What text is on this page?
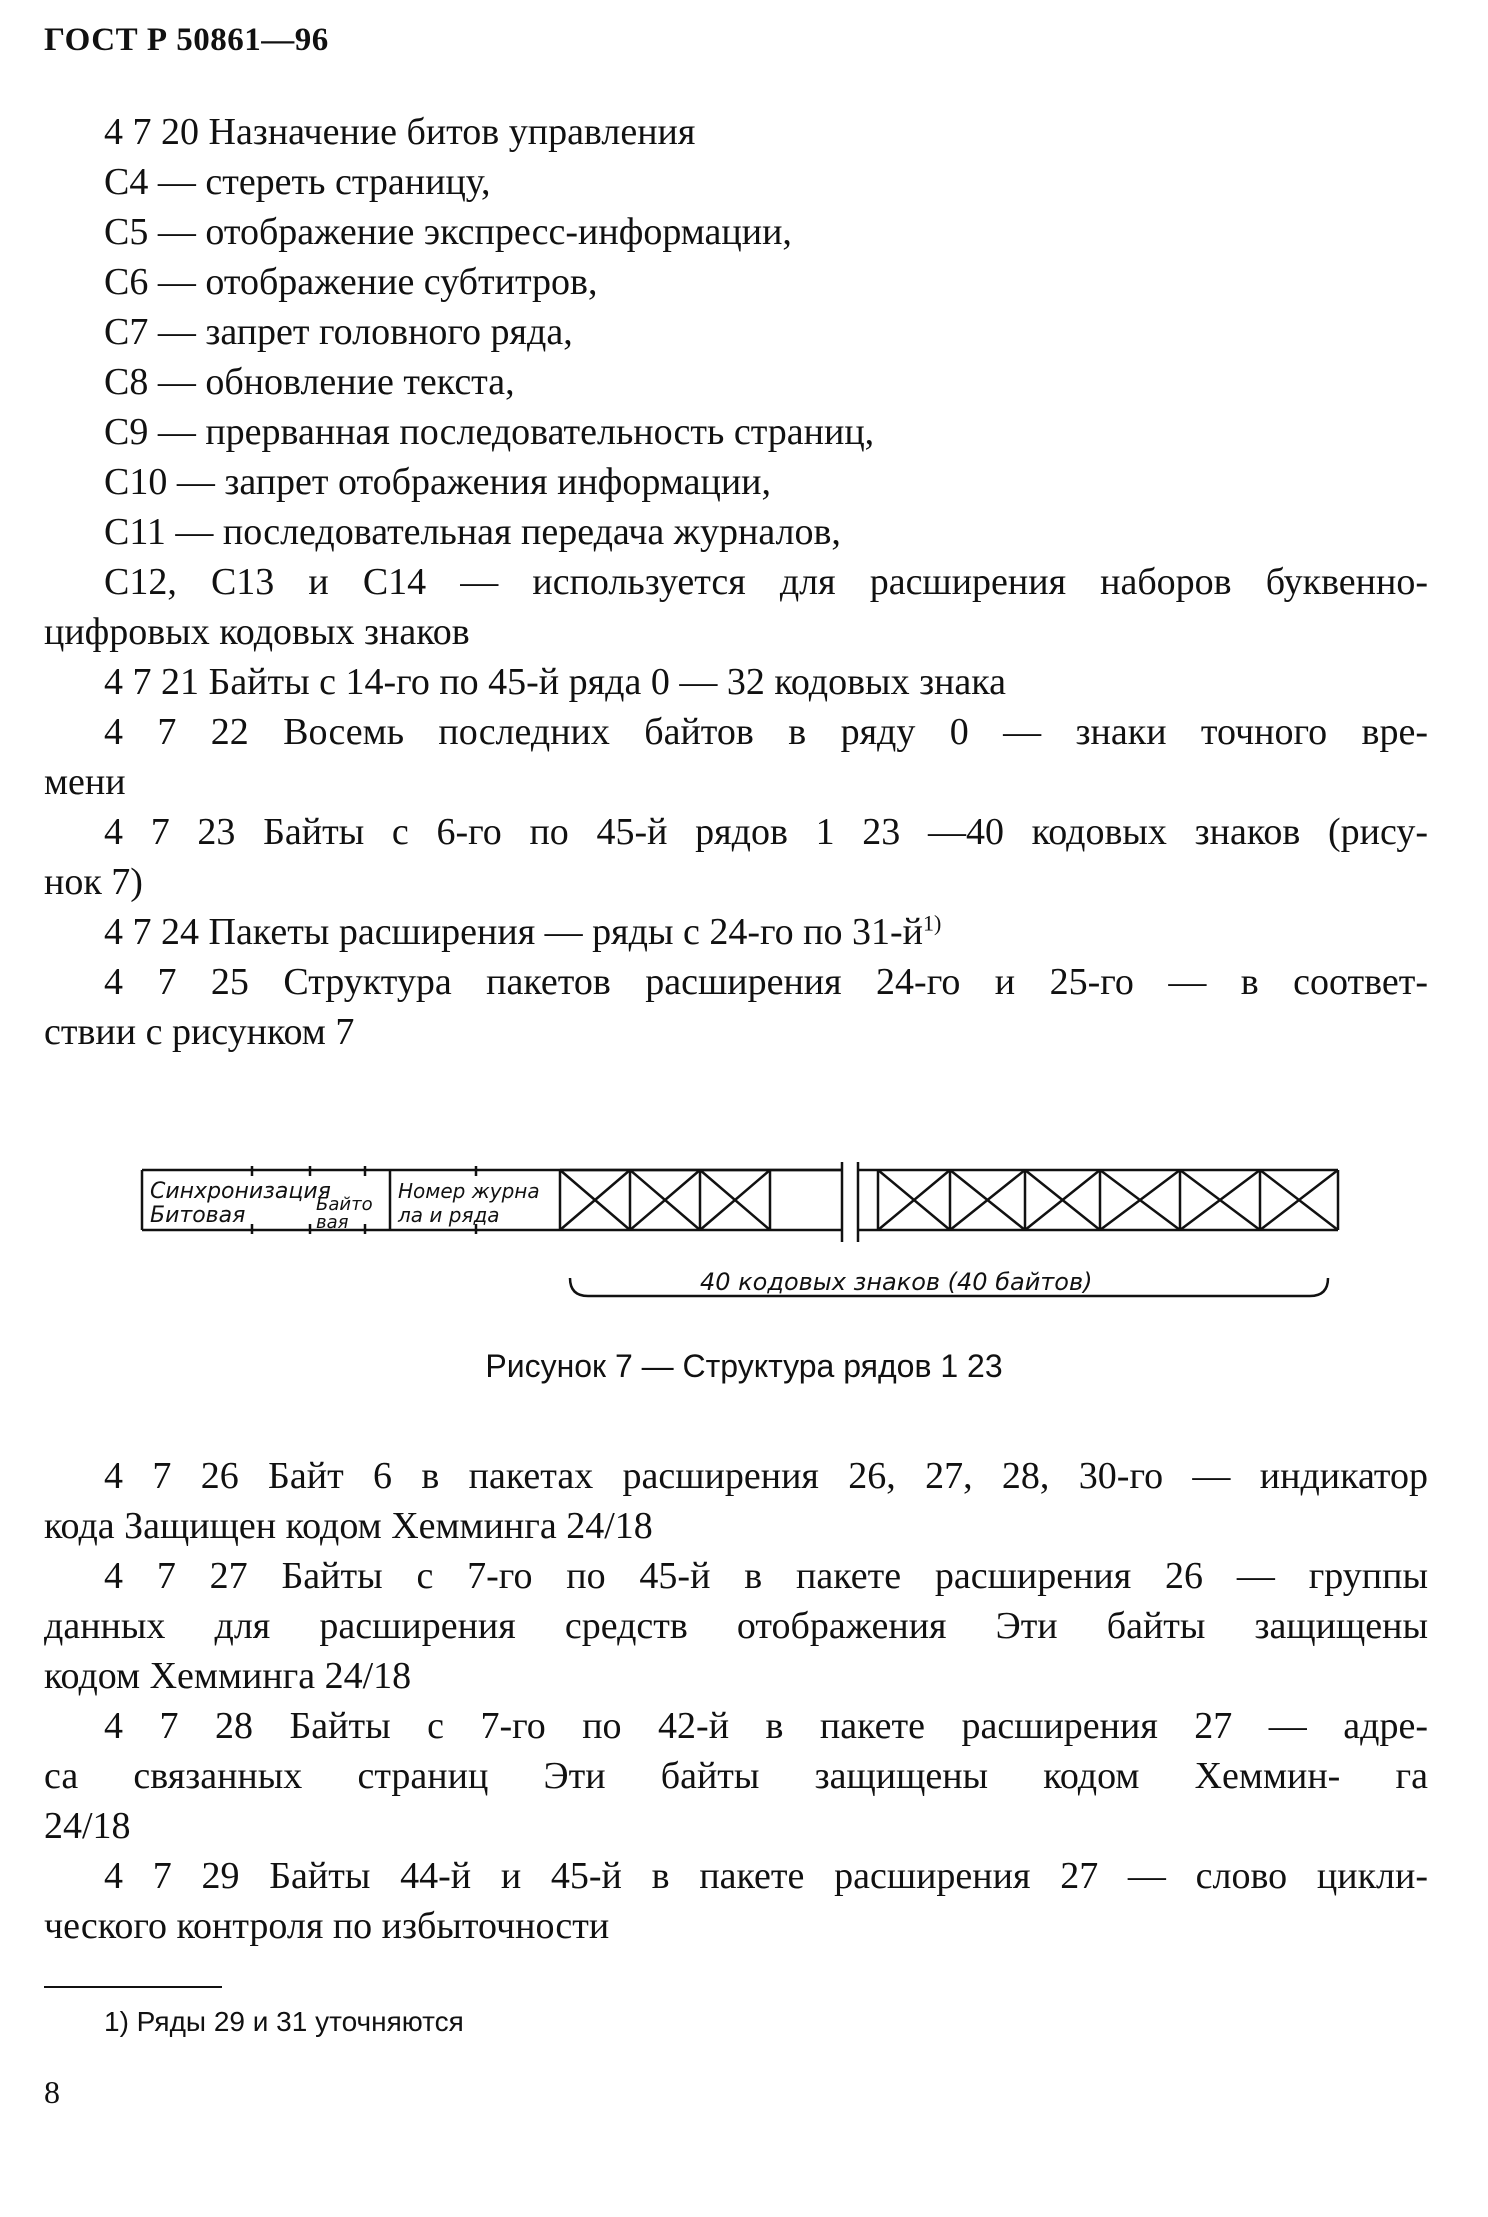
ГОСТ Р 50861—96
4 7 20 Назначение битов управления
C4 — стереть страницу,
C5 — отображение экспресс-информации,
C6 — отображение субтитров,
C7 — запрет головного ряда,
C8 — обновление текста,
C9 — прерванная последовательность страниц,
C10 — запрет отображения информации,
C11 — последовательная передача журналов,
C12, C13 и C14 — используется для расширения наборов буквенно-
цифровых кодовых знаков
4 7 21 Байты с 14-го по 45-й ряда 0 — 32 кодовых знака
4 7 22 Восемь последних байтов в ряду 0 — знаки точного вре-
мени
4 7 23 Байты с 6-го по 45-й рядов 1 23 —40 кодовых знаков (рису-
нок 7)
4 7 24 Пакеты расширения — ряды с 24-го по $31-й^{1)}$
4 7 25 Структура пакетов расширения 24-го и 25-го — в соответ-
ствии с рисунком 7
Синхронизация
Битовая	Байто
вая
Номер журна
ла и ряда
40 кодовых знаков (40 байтов)
Рисунок 7 — Структура рядов 1 23
4 7 26 Байт 6 в пакетах расширения 26, 27, 28, 30-го — индикатор
кода Защищен кодом Хемминга 24/18
4 7 27 Байты с 7-го по 45-й в пакете расширения 26 — группы
данных для расширения средств отображения Эти байты защищены
кодом Хемминга 24/18
4 7 28 Байты с 7-го по 42-й в пакете расширения 27 — адре-
са связанных страниц Эти байты защищены кодом Хеммин- га
24/18
4 7 29 Байты 44-й и 45-й в пакете расширения 27 — слово цикли-
ческого контроля по избыточности
1) Ряды 29 и 31 уточняются
8
